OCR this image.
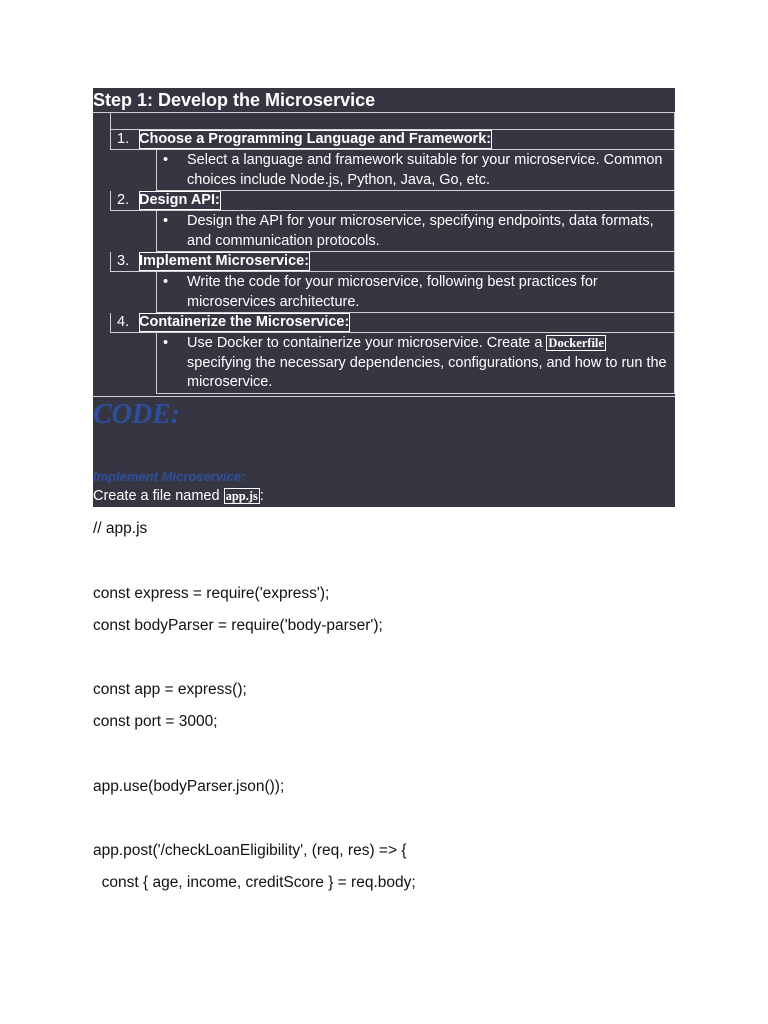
Step 1: Develop the Microservice
1. Choose a Programming Language and Framework:
• Select a language and framework suitable for your microservice. Common choices include Node.js, Python, Java, Go, etc.
2. Design API:
• Design the API for your microservice, specifying endpoints, data formats, and communication protocols.
3. Implement Microservice:
• Write the code for your microservice, following best practices for microservices architecture.
4. Containerize the Microservice:
• Use Docker to containerize your microservice. Create a Dockerfile specifying the necessary dependencies, configurations, and how to run the microservice.
CODE:
Implement Microservice:
Create a file named app.js :
// app.js
const express = require('express');
const bodyParser = require('body-parser');
const app = express();
const port = 3000;
app.use(bodyParser.json());
app.post('/checkLoanEligibility', (req, res) => {
const { age, income, creditScore } = req.body;
